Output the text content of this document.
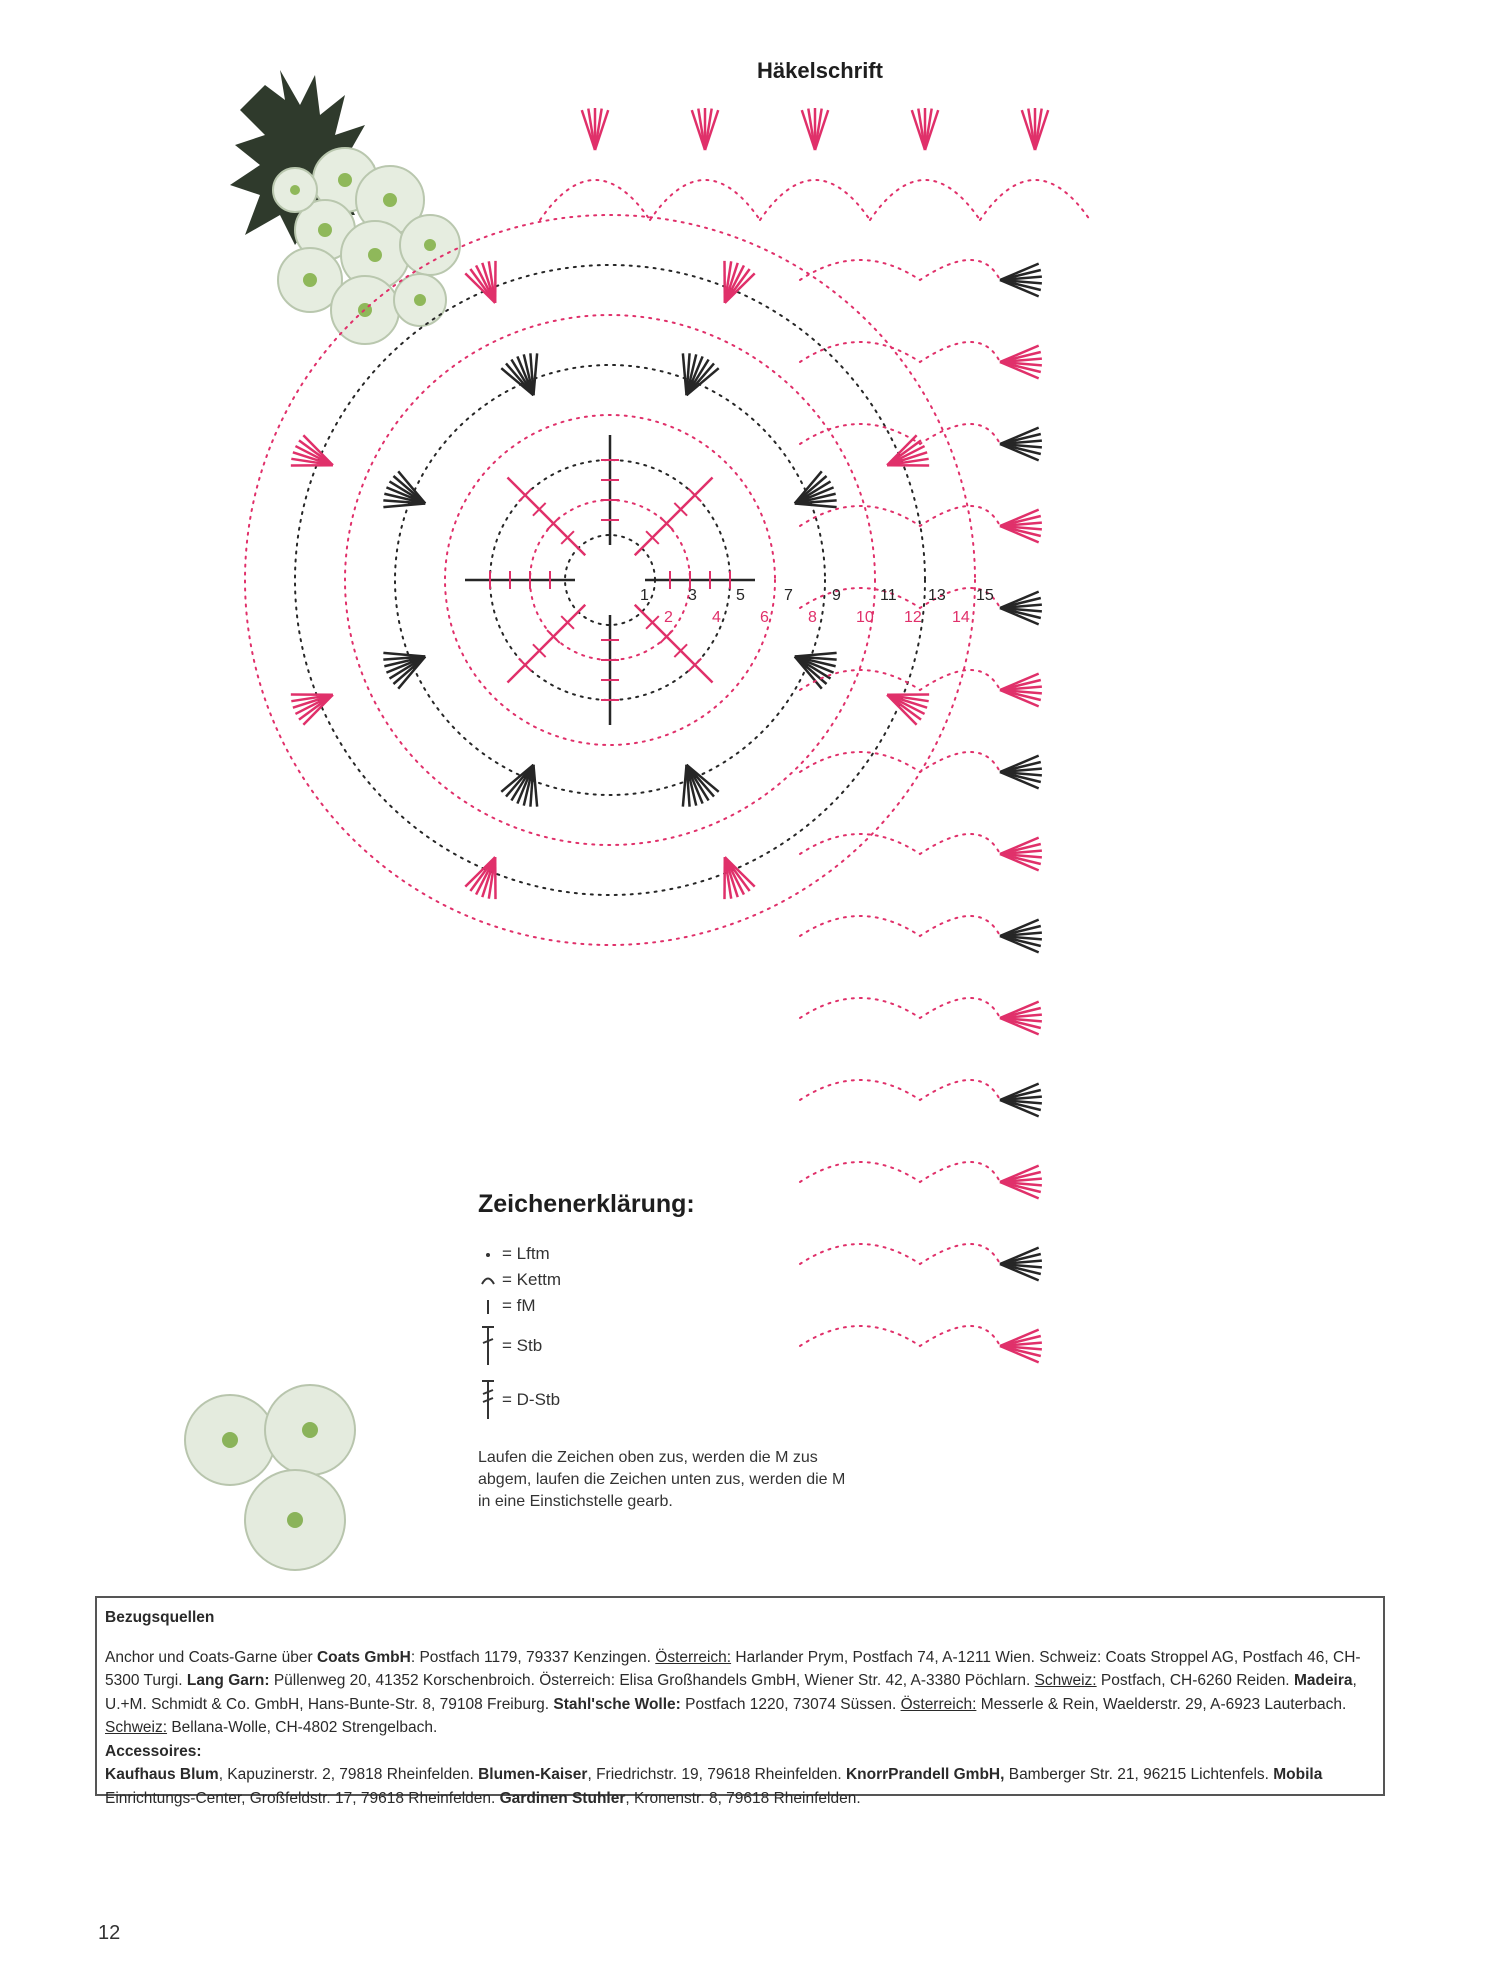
Häkelschrift
1
2
3
4
5
6
7
8
9
10
11
12
13
14
15
Zeichenerklärung:
= Lftm
= Kettm
= fM
= Stb
= D-Stb
Laufen die Zeichen oben zus, werden die M zus abgem, laufen die Zeichen unten zus, werden die M in eine Einstichstelle gearb.
Bezugsquellen

Anchor und Coats-Garne über Coats GmbH: Postfach 1179, 79337 Kenzingen. Österreich: Harlander Prym, Postfach 74, A-1211 Wien. Schweiz: Coats Stroppel AG, Postfach 46, CH-5300 Turgi. Lang Garn: Püllenweg 20, 41352 Korschenbroich. Österreich: Elisa Großhandels GmbH, Wiener Str. 42, A-3380 Pöchlarn. Schweiz: Postfach, CH-6260 Reiden. Madeira, U.+M. Schmidt & Co. GmbH, Hans-Bunte-Str. 8, 79108 Freiburg. Stahl'sche Wolle: Postfach 1220, 73074 Süssen. Österreich: Messerle & Rein, Waelderstr. 29, A-6923 Lauterbach. Schweiz: Bellana-Wolle, CH-4802 Strengelbach.

Accessoires:

Kaufhaus Blum, Kapuzinerstr. 2, 79818 Rheinfelden. Blumen-Kaiser, Friedrichstr. 19, 79618 Rheinfelden. KnorrPrandell GmbH, Bamberger Str. 21, 96215 Lichtenfels. Mobila Einrichtungs-Center, Großfeldstr. 17, 79618 Rheinfelden. Gardinen Stuhler, Kronenstr. 8, 79618 Rheinfelden.

12
